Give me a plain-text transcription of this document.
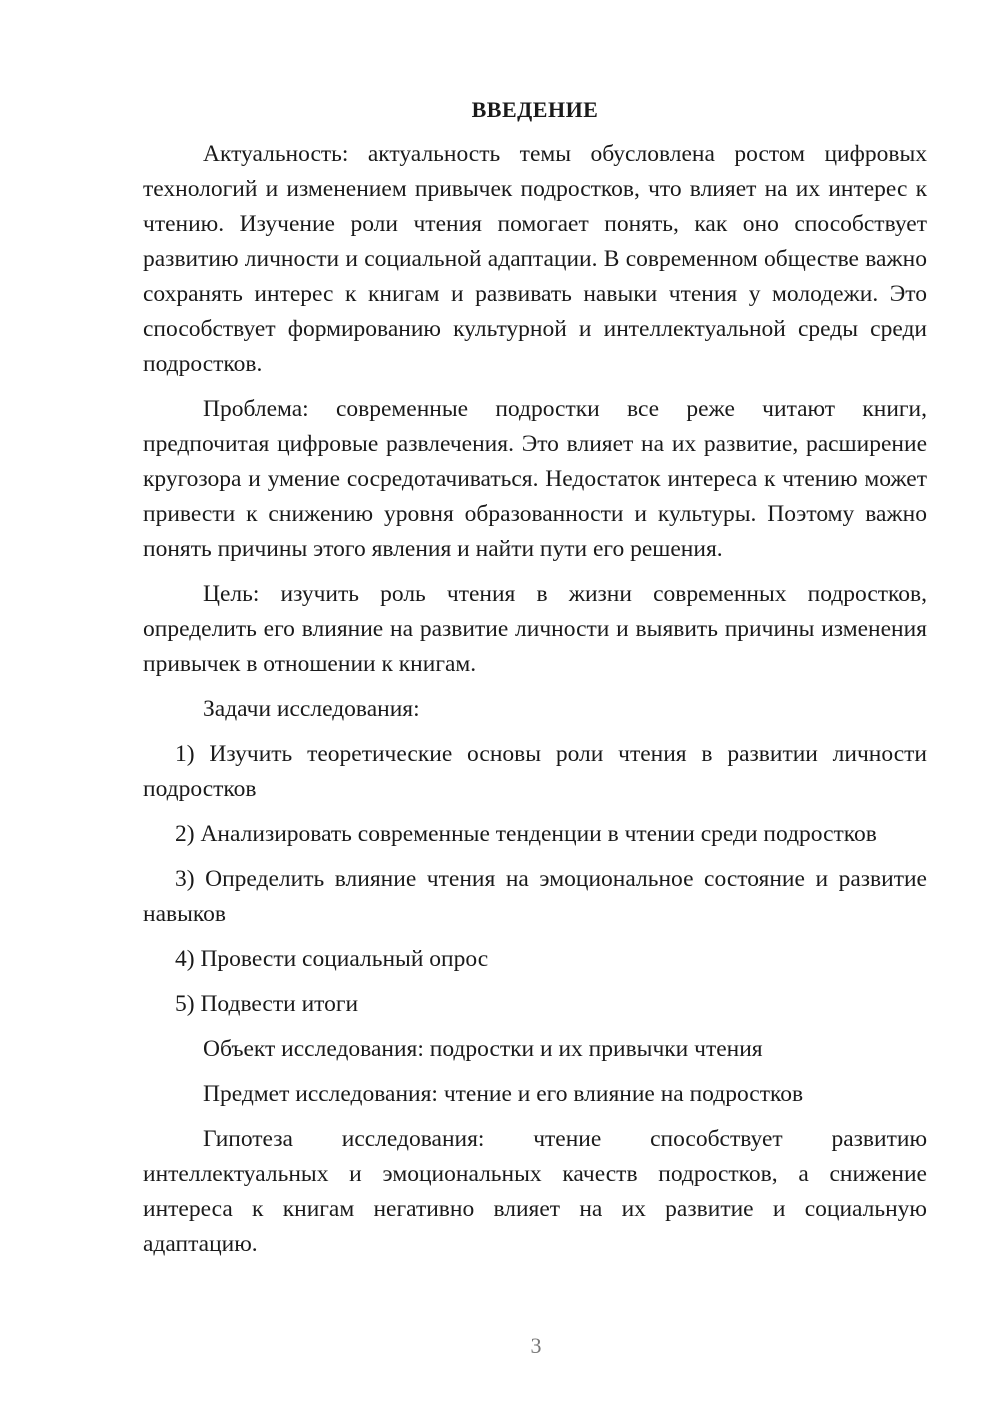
ВВЕДЕНИЕ

Актуальность: актуальность темы обусловлена ростом цифровых технологий и изменением привычек подростков, что влияет на их интерес к чтению. Изучение роли чтения помогает понять, как оно способствует развитию личности и социальной адаптации. В современном обществе важно сохранять интерес к книгам и развивать навыки чтения у молодежи. Это способствует формированию культурной и интеллектуальной среды среди подростков.

Проблема: современные подростки все реже читают книги, предпочитая цифровые развлечения. Это влияет на их развитие, расширение кругозора и умение сосредотачиваться. Недостаток интереса к чтению может привести к снижению уровня образованности и культуры. Поэтому важно понять причины этого явления и найти пути его решения.

Цель: изучить роль чтения в жизни современных подростков, определить его влияние на развитие личности и выявить причины изменения привычек в отношении к книгам.

Задачи исследования:

1) Изучить теоретические основы роли чтения в развитии личности подростков

2) Анализировать современные тенденции в чтении среди подростков

3) Определить влияние чтения на эмоциональное состояние и развитие навыков

4) Провести социальный опрос

5) Подвести итоги

Объект исследования: подростки и их привычки чтения

Предмет исследования: чтение и его влияние на подростков

Гипотеза исследования: чтение способствует развитию интеллектуальных и эмоциональных качеств подростков, а снижение интереса к книгам негативно влияет на их развитие и социальную адаптацию.

3
